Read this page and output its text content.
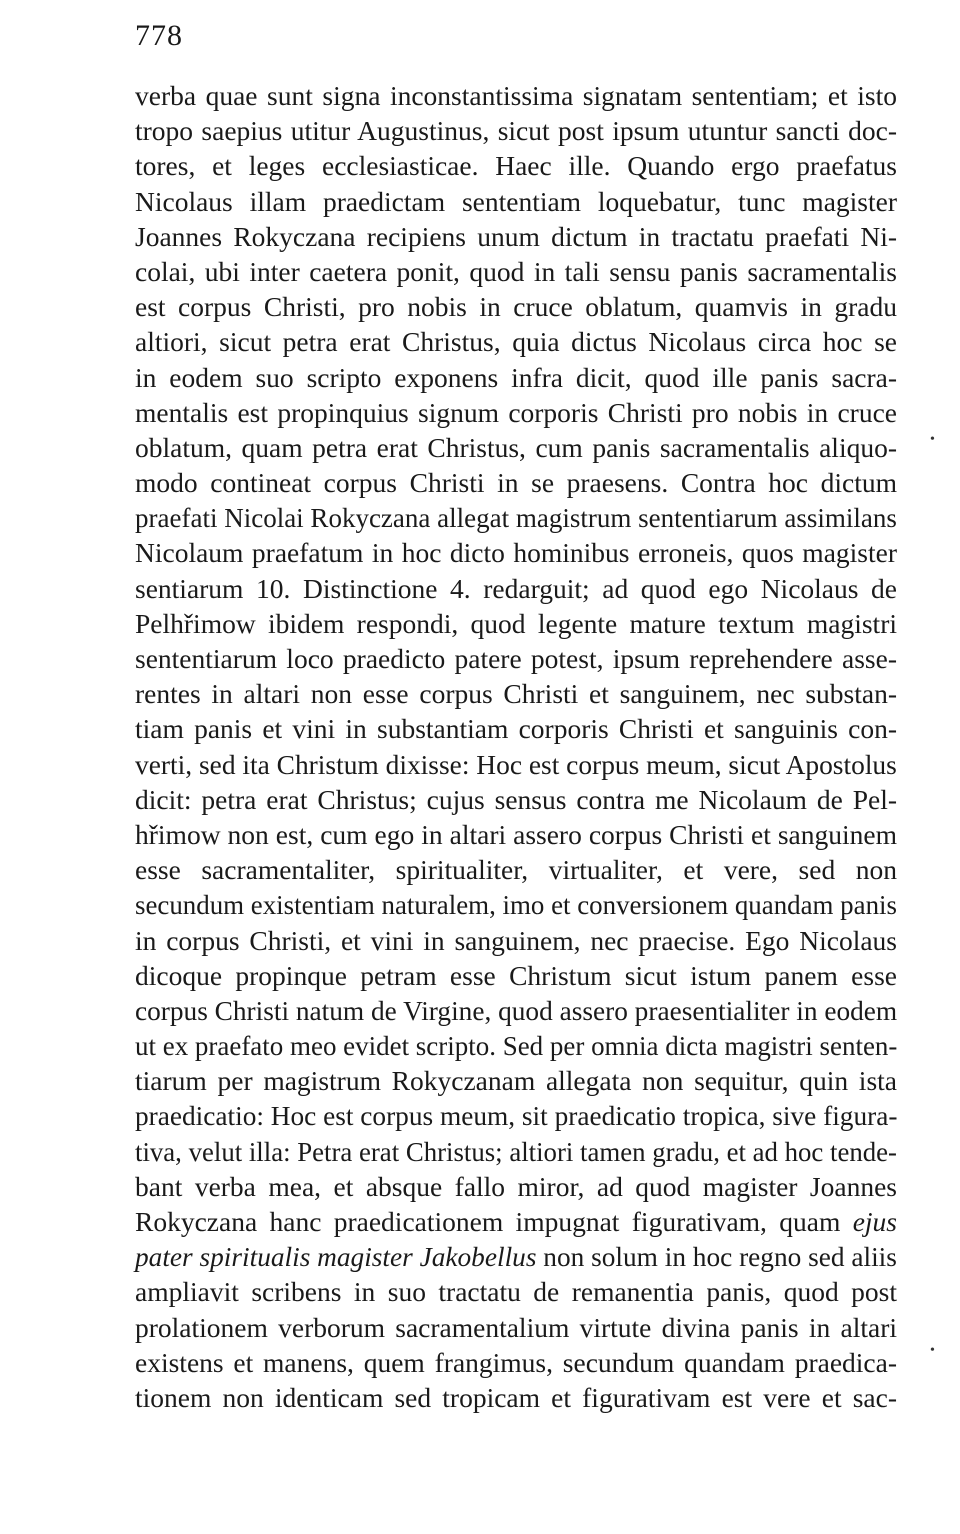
778
verba quae sunt signa inconstantissima signatam sententiam; et isto
tropo saepius utitur Augustinus, sicut post ipsum utuntur sancti doc-
tores, et leges ecclesiasticae. Haec ille. Quando ergo praefatus
Nicolaus illam praedictam sententiam loquebatur, tunc magister
Joannes Rokyczana recipiens unum dictum in tractatu praefati Ni-
colai, ubi inter caetera ponit, quod in tali sensu panis sacramentalis
est corpus Christi, pro nobis in cruce oblatum, quamvis in gradu
altiori, sicut petra erat Christus, quia dictus Nicolaus circa hoc se
in eodem suo scripto exponens infra dicit, quod ille panis sacra-
mentalis est propinquius signum corporis Christi pro nobis in cruce
oblatum, quam petra erat Christus, cum panis sacramentalis aliquo-
modo contineat corpus Christi in se praesens. Contra hoc dictum
praefati Nicolai Rokyczana allegat magistrum sententiarum assimilans
Nicolaum praefatum in hoc dicto hominibus erroneis, quos magister
sentiarum 10. Distinctione 4. redarguit; ad quod ego Nicolaus de
Pelhřimow ibidem respondi, quod legente mature textum magistri
sententiarum loco praedicto patere potest, ipsum reprehendere asse-
rentes in altari non esse corpus Christi et sanguinem, nec substan-
tiam panis et vini in substantiam corporis Christi et sanguinis con-
verti, sed ita Christum dixisse: Hoc est corpus meum, sicut Apostolus
dicit: petra erat Christus; cujus sensus contra me Nicolaum de Pel-
hřimow non est, cum ego in altari assero corpus Christi et sanguinem
esse sacramentaliter, spiritualiter, virtualiter, et vere, sed non
secundum existentiam naturalem, imo et conversionem quandam panis
in corpus Christi, et vini in sanguinem, nec praecise. Ego Nicolaus
dicoque propinque petram esse Christum sicut istum panem esse
corpus Christi natum de Virgine, quod assero praesentialiter in eodem
ut ex praefato meo evidet scripto. Sed per omnia dicta magistri senten-
tiarum per magistrum Rokyczanam allegata non sequitur, quin ista
praedicatio: Hoc est corpus meum, sit praedicatio tropica, sive figura-
tiva, velut illa: Petra erat Christus; altiori tamen gradu, et ad hoc tende-
bant verba mea, et absque fallo miror, ad quod magister Joannes
Rokyczana hanc praedicationem impugnat figurativam, quam ejus
pater spiritualis magister Jakobellus non solum in hoc regno sed aliis
ampliavit scribens in suo tractatu de remanentia panis, quod post
prolationem verborum sacramentalium virtute divina panis in altari
existens et manens, quem frangimus, secundum quandam praedica-
tionem non identicam sed tropicam et figurativam est vere et sac-
•
•
